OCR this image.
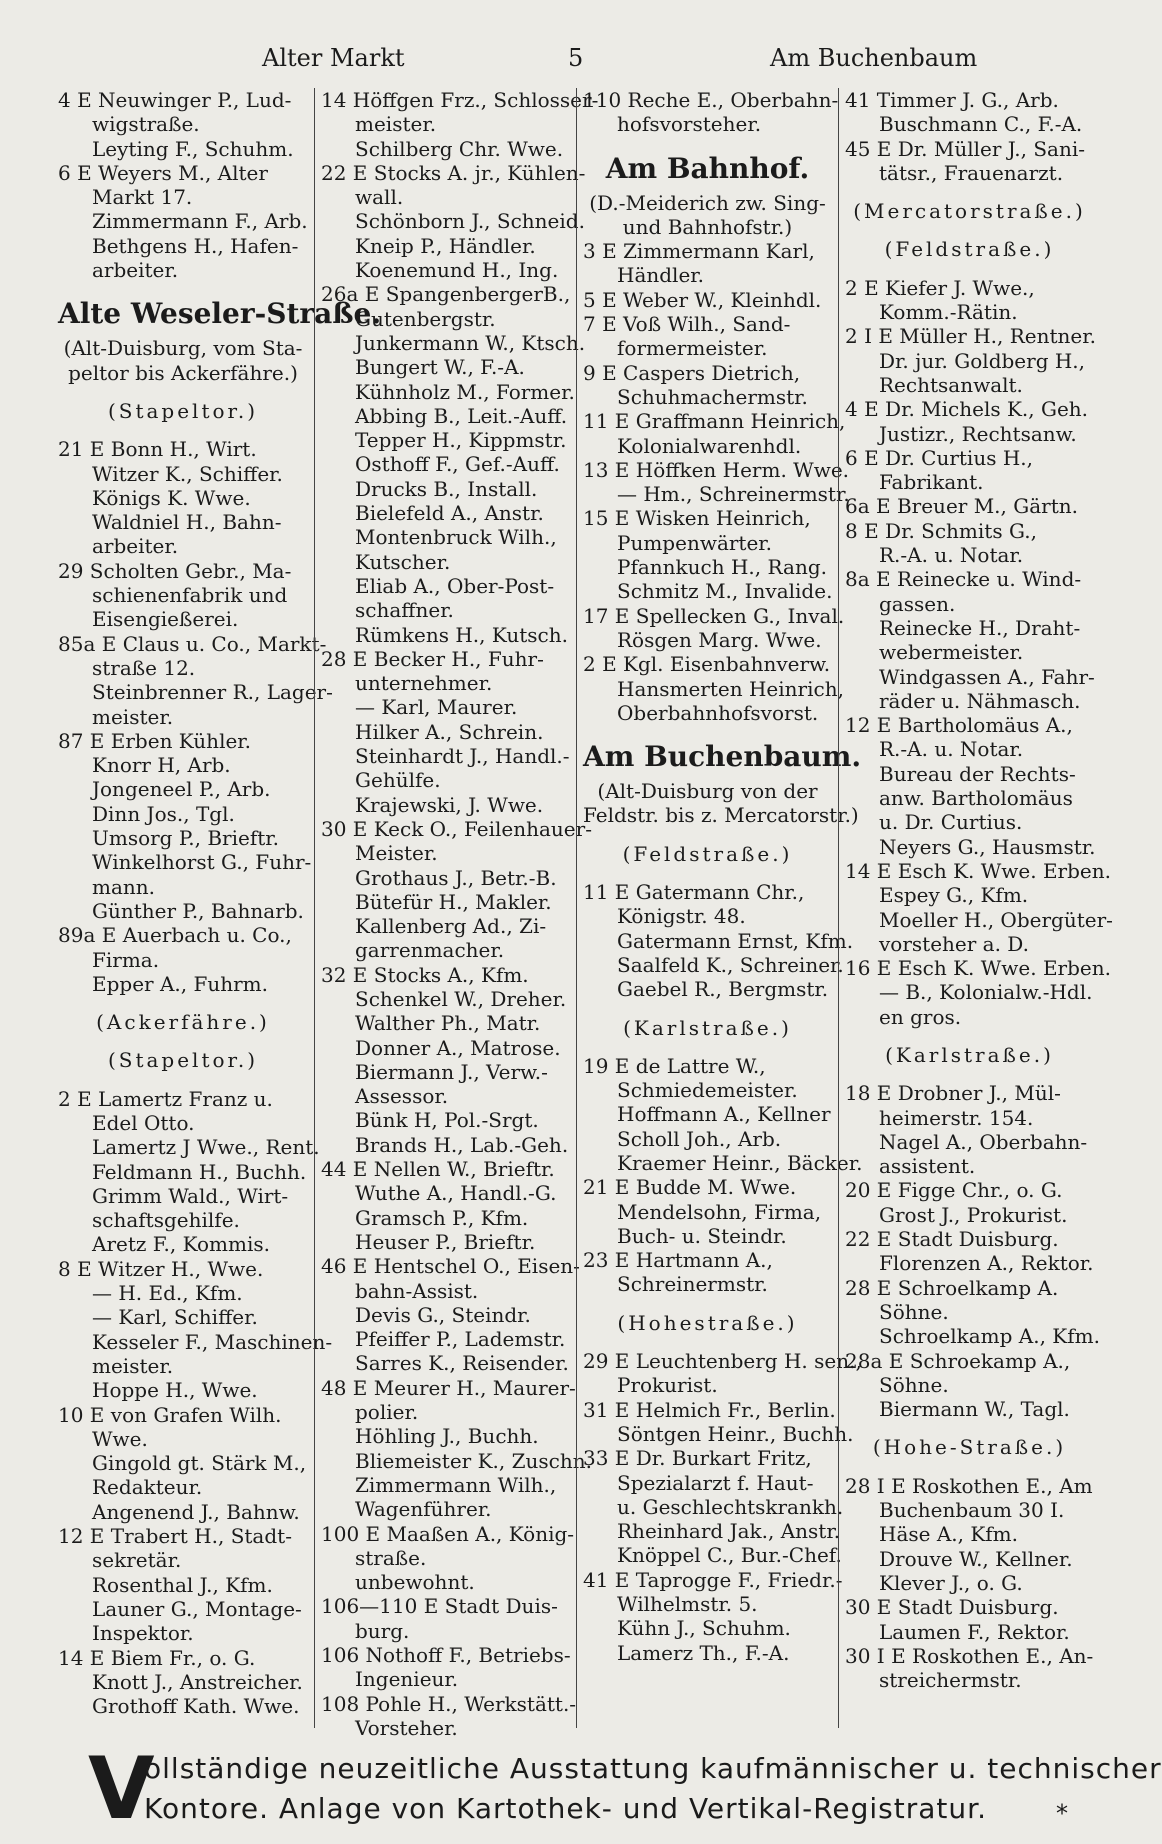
Alter Markt	5	Am Buchenbaum
4 E Neuwinger P., Lud-
wigstraße.
Leyting F., Schuhm.
6 E Weyers M., Alter
Markt 17.
Zimmermann F., Arb.
Bethgens H., Hafen-
arbeiter.
Alte Weseler-Straße.
(Alt-Duisburg, vom Sta-
peltor bis Ackerfähre.)
(Stapeltor.)
21 E Bonn H., Wirt.
Witzer K., Schiffer.
Königs K. Wwe.
Waldniel H., Bahn-
arbeiter.
29 Scholten Gebr., Ma-
schienenfabrik und
Eisengießerei.
85a E Claus u. Co., Markt-
straße 12.
Steinbrenner R., Lager-
meister.
87 E Erben Kühler.
Knorr H, Arb.
Jongeneel P., Arb.
Dinn Jos., Tgl.
Umsorg P., Brieftr.
Winkelhorst G., Fuhr-
mann.
Günther P., Bahnarb.
89a E Auerbach u. Co.,
Firma.
Epper A., Fuhrm.
(Ackerfähre.)
(Stapeltor.)
2 E Lamertz Franz u.
Edel Otto.
Lamertz J Wwe., Rent.
Feldmann H., Buchh.
Grimm Wald., Wirt-
schaftsgehilfe.
Aretz F., Kommis.
8 E Witzer H., Wwe.
— H. Ed., Kfm.
— Karl, Schiffer.
Kesseler F., Maschinen-
meister.
Hoppe H., Wwe.
10 E von Grafen Wilh.
Wwe.
Gingold gt. Stärk M.,
Redakteur.
Angenend J., Bahnw.
12 E Trabert H., Stadt-
sekretär.
Rosenthal J., Kfm.
Launer G., Montage-
Inspektor.
14 E Biem Fr., o. G.
Knott J., Anstreicher.
Grothoff Kath. Wwe.
14 Höffgen Frz., Schlosser-
meister.
Schilberg Chr. Wwe.
22 E Stocks A. jr., Kühlen-
wall.
Schönborn J., Schneid.
Kneip P., Händler.
Koenemund H., Ing.
26a E SpangenbergerB.,
Gutenbergstr.
Junkermann W., Ktsch.
Bungert W., F.-A.
Kühnholz M., Former.
Abbing B., Leit.-Auff.
Tepper H., Kippmstr.
Osthoff F., Gef.-Auff.
Drucks B., Install.
Bielefeld A., Anstr.
Montenbruck Wilh.,
Kutscher.
Eliab A., Ober-Post-
schaffner.
Rümkens H., Kutsch.
28 E Becker H., Fuhr-
unternehmer.
— Karl, Maurer.
Hilker A., Schrein.
Steinhardt J., Handl.-
Gehülfe.
Krajewski, J. Wwe.
30 E Keck O., Feilenhauer-
Meister.
Grothaus J., Betr.-B.
Bütefür H., Makler.
Kallenberg Ad., Zi-
garrenmacher.
32 E Stocks A., Kfm.
Schenkel W., Dreher.
Walther Ph., Matr.
Donner A., Matrose.
Biermann J., Verw.-
Assessor.
Bünk H, Pol.-Srgt.
Brands H., Lab.-Geh.
44 E Nellen W., Brieftr.
Wuthe A., Handl.-G.
Gramsch P., Kfm.
Heuser P., Brieftr.
46 E Hentschel O., Eisen-
bahn-Assist.
Devis G., Steindr.
Pfeiffer P., Lademstr.
Sarres K., Reisender.
48 E Meurer H., Maurer-
polier.
Höhling J., Buchh.
Bliemeister K., Zuschn.
Zimmermann Wilh.,
Wagenführer.
100 E Maaßen A., König-
straße.
unbewohnt.
106—110 E Stadt Duis-
burg.
106 Nothoff F., Betriebs-
Ingenieur.
108 Pohle H., Werkstätt.-
Vorsteher.
110 Reche E., Oberbahn-
hofsvorsteher.
Am Bahnhof.
(D.-Meiderich zw. Sing-
und Bahnhofstr.)
3 E Zimmermann Karl,
Händler.
5 E Weber W., Kleinhdl.
7 E Voß Wilh., Sand-
formermeister.
9 E Caspers Dietrich,
Schuhmachermstr.
11 E Graffmann Heinrich,
Kolonialwarenhdl.
13 E Höffken Herm. Wwe.
— Hm., Schreinermstr.
15 E Wisken Heinrich,
Pumpenwärter.
Pfannkuch H., Rang.
Schmitz M., Invalide.
17 E Spellecken G., Inval.
Rösgen Marg. Wwe.
2 E Kgl. Eisenbahnverw.
Hansmerten Heinrich,
Oberbahnhofsvorst.
Am Buchenbaum.
(Alt-Duisburg von der
Feldstr. bis z. Mercatorstr.)
(Feldstraße.)
11 E Gatermann Chr.,
Königstr. 48.
Gatermann Ernst, Kfm.
Saalfeld K., Schreiner.
Gaebel R., Bergmstr.
(Karlstraße.)
19 E de Lattre W.,
Schmiedemeister.
Hoffmann A., Kellner
Scholl Joh., Arb.
Kraemer Heinr., Bäcker.
21 E Budde M. Wwe.
Mendelsohn, Firma,
Buch- u. Steindr.
23 E Hartmann A.,
Schreinermstr.
(Hohestraße.)
29 E Leuchtenberg H. sen.,
Prokurist.
31 E Helmich Fr., Berlin.
Söntgen Heinr., Buchh.
33 E Dr. Burkart Fritz,
Spezialarzt f. Haut-
u. Geschlechtskrankh.
Rheinhard Jak., Anstr.
Knöppel C., Bur.-Chef.
41 E Taprogge F., Friedr.-
Wilhelmstr. 5.
Kühn J., Schuhm.
Lamerz Th., F.-A.
41 Timmer J. G., Arb.
Buschmann C., F.-A.
45 E Dr. Müller J., Sani-
tätsr., Frauenarzt.
(Mercatorstraße.)
(Feldstraße.)
2 E Kiefer J. Wwe.,
Komm.-Rätin.
2 I E Müller H., Rentner.
Dr. jur. Goldberg H.,
Rechtsanwalt.
4 E Dr. Michels K., Geh.
Justizr., Rechtsanw.
6 E Dr. Curtius H.,
Fabrikant.
6a E Breuer M., Gärtn.
8 E Dr. Schmits G.,
R.-A. u. Notar.
8a E Reinecke u. Wind-
gassen.
Reinecke H., Draht-
webermeister.
Windgassen A., Fahr-
räder u. Nähmasch.
12 E Bartholomäus A.,
R.-A. u. Notar.
Bureau der Rechts-
anw. Bartholomäus
u. Dr. Curtius.
Neyers G., Hausmstr.
14 E Esch K. Wwe. Erben.
Espey G., Kfm.
Moeller H., Obergüter-
vorsteher a. D.
16 E Esch K. Wwe. Erben.
— B., Kolonialw.-Hdl.
en gros.
(Karlstraße.)
18 E Drobner J., Mül-
heimerstr. 154.
Nagel A., Oberbahn-
assistent.
20 E Figge Chr., o. G.
Grost J., Prokurist.
22 E Stadt Duisburg.
Florenzen A., Rektor.
28 E Schroelkamp A.
Söhne.
Schroelkamp A., Kfm.
28a E Schroekamp A.,
Söhne.
Biermann W., Tagl.
(Hohe-Straße.)
28 I E Roskothen E., Am
Buchenbaum 30 I.
Häse A., Kfm.
Drouve W., Kellner.
Klever J., o. G.
30 E Stadt Duisburg.
Laumen F., Rektor.
30 I E Roskothen E., An-
streichermstr.
V
ollständige neuzeitliche Ausstattung kaufmännischer u. technischer
Kontore. Anlage von Kartothek- und Vertikal-Registratur.	⁎
